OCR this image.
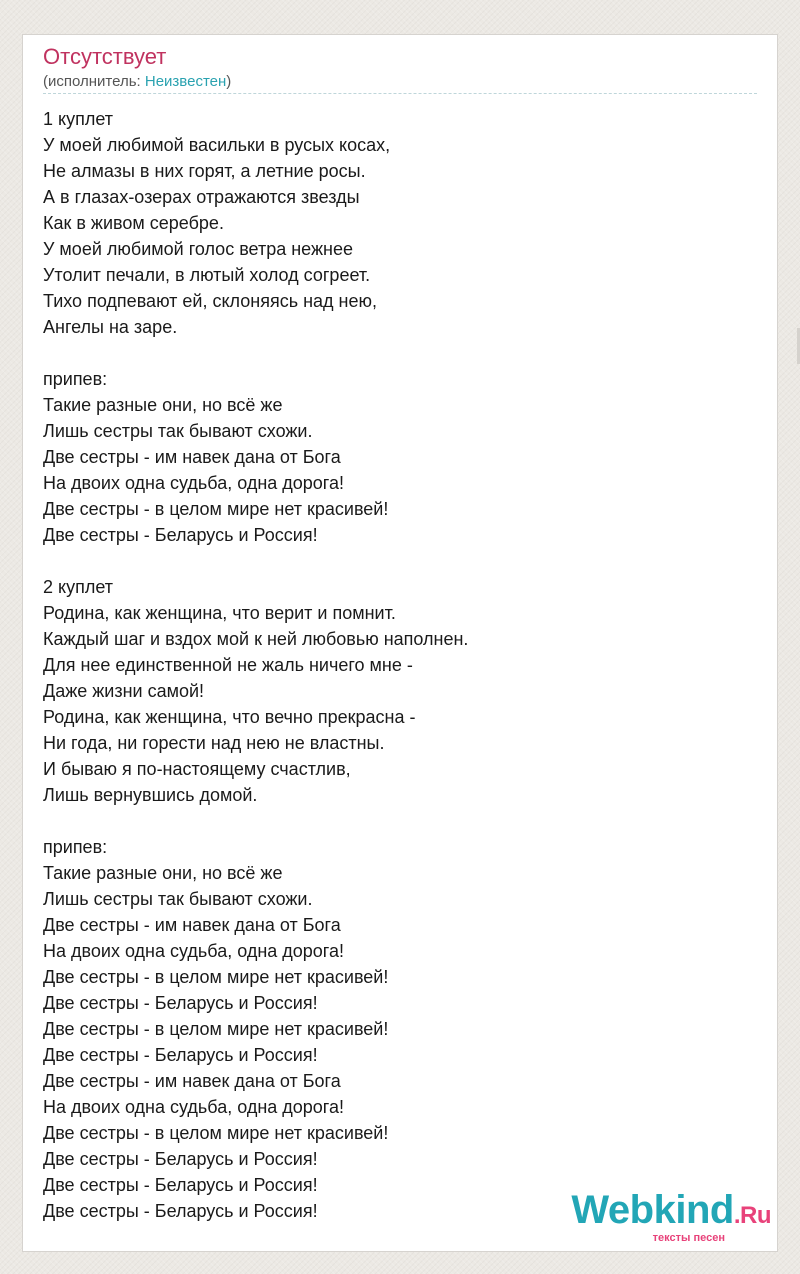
Отсутствует
(исполнитель: Неизвестен)
1 куплет
У моей любимой васильки в русых косах,
Не алмазы в них горят, а летние росы.
А в глазах-озерах отражаются звезды
Как в живом серебре.
У моей любимой голос ветра нежнее
Утолит печали, в лютый холод согреет.
Тихо подпевают ей, склоняясь над нею,
Ангелы на заре.
припев:
Такие разные они, но всё же
Лишь сестры так бывают схожи.
Две сестры - им навек дана от Бога
На двоих одна судьба, одна дорога!
Две сестры - в целом мире нет красивей!
Две сестры - Беларусь и Россия!
2 куплет
Родина, как женщина, что верит и помнит.
Каждый шаг и вздох мой к ней любовью наполнен.
Для нее единственной не жаль ничего мне -
Даже жизни самой!
Родина, как женщина, что вечно прекрасна -
Ни года, ни горести над нею не властны.
И бываю я по-настоящему счастлив,
Лишь вернувшись домой.
припев:
Такие разные они, но всё же
Лишь сестры так бывают схожи.
Две сестры - им навек дана от Бога
На двоих одна судьба, одна дорога!
Две сестры - в целом мире нет красивей!
Две сестры - Беларусь и Россия!
Две сестры - в целом мире нет красивей!
Две сестры - Беларусь и Россия!
Две сестры - им навек дана от Бога
На двоих одна судьба, одна дорога!
Две сестры - в целом мире нет красивей!
Две сестры - Беларусь и Россия!
Две сестры - Беларусь и Россия!
Две сестры - Беларусь и Россия!	Webkind.Ru
тексты песен
